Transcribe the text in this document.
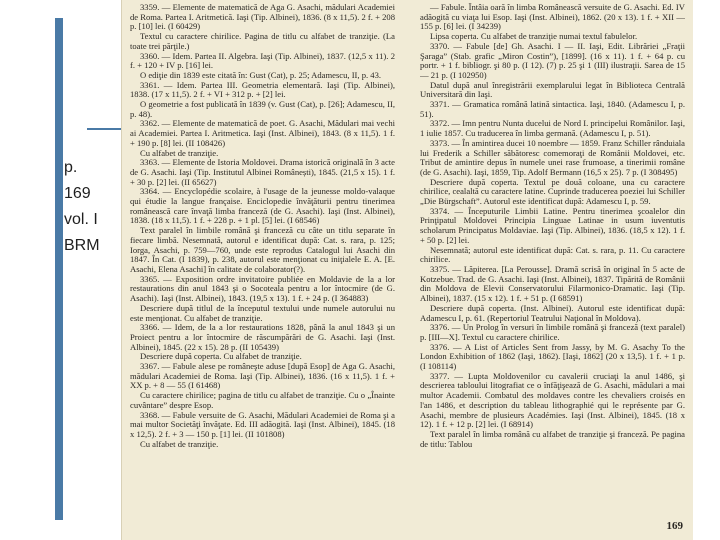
p.
169
vol. I
BRM

3359. — Elemente de matematică de Aga G. Asachi, mădulari Academiei de Roma. Partea I. Aritmetică. Iaşi (Tip. Albinei), 1836. (8 x 11,5). 2 f. + 208 p. [10] lei. (I 60429)

Textul cu caractere chirilice. Pagina de titlu cu alfabet de tranziţie. (La toate trei părţile.)

3360. — Idem. Partea II. Algebra. Iaşi (Tip. Albinei), 1837. (12,5 x 11). 2 f. + 120 + IV p. [16] lei.

O ediţie din 1839 este citată în: Gust (Cat), p. 25; Adamescu, II, p. 43.

3361. — Idem. Partea III. Geometria elementară. Iaşi (Tip. Albinei), 1838. (17 x 11,5). 2 f. + VI + 312 p. + [2] lei.

O geometrie a fost publicată în 1839 (v. Gust (Cat), p. [26]; Adamescu, II, p. 48).

3362. — Elemente de matematică de poet. G. Asachi, Mădulari mai vechi ai Academiei. Partea I. Aritmetica. Iaşi (Inst. Albinei), 1843. (8 x 11,5). 1 f. + 190 p. [8] lei. (II 108426)

Cu alfabet de tranziţie.

3363. — Elemente de Istoria Moldovei. Drama istorică originală în 3 acte de G. Asachi. Iaşi (Tip. Institutul Albinei Românești), 1845. (21,5 x 15). 1 f. + 30 p. [2] lei. (II 65627)

3364. — Encyclopédie scolaire, à l'usage de la jeunesse moldo-valaque qui étudie la langue française. Enciclopedie învăţăturii pentru tinerimea românească care învaţă limba franceză (de G. Asachi). Iaşi (Inst. Albinei), 1838. (18 x 11,5). 1 f. + 228 p. + 1 pl. [5] lei. (I 68546)

Text paralel în limbile română şi franceză cu câte un titlu separate în fiecare limbă. Nesemnată, autorul e identificat după: Cat. s. rara, p. 125; Iorga, Asachi, p. 759—760, unde este reprodus Catalogul lui Asachi din 1847. În Cat. (I 1839), p. 238, autorul este menţionat cu iniţialele E. A. [E. Asachi, Elena Asachi] în calitate de colaborator(?).

3365. — Exposition ordre invitatoire publiée en Moldavie de la a lor restaurations din anul 1843 şi o Socoteala pentru a lor întocmire (de G. Asachi). Iaşi (Inst. Albinei), 1843. (19,5 x 13). 1 f. + 24 p. (I 364883)

Descriere după titlul de la începutul textului unde numele autorului nu este menţionat. Cu alfabet de tranziţie.

3366. — Idem, de la a lor restaurations 1828, până la anul 1843 şi un Proiect pentru a lor întocmire de răscumpărări de G. Asachi. Iaşi (Inst. Albinei), 1845. (22 x 15). 28 p. (II 105439)

Descriere după coperta. Cu alfabet de tranziţie.

3367. — Fabule alese pe româneşte aduse [după Esop] de Aga G. Asachi, mădulari Academiei de Roma. Iaşi (Tip. Albinei), 1836. (16 x 11,5). 1 f. + XX p. + 8 — 55 (I 61468)

Cu caractere chirilice; pagina de titlu cu alfabet de tranziţie. Cu o „Înainte cuvântare” despre Esop.

3368. — Fabule versuite de G. Asachi, Mădulari Academiei de Roma şi a mai multor Societăţi învăţate. Ed. III adăogită. Iaşi (Inst. Albinei), 1845. (18 x 12,5). 2 f. + 3 — 150 p. [1] lei. (II 101808)

Cu alfabet de tranziţie.

— Fabule. Întâia oară în limba Românească versuite de G. Asachi. Ed. IV adăogită cu viaţa lui Esop. Iaşi (Inst. Albinei), 1862. (20 x 13). 1 f. + XII — 155 p. [6] lei. (I 34239)

Lipsa coperta. Cu alfabet de tranziţie numai textul fabulelor.

3370. — Fabule [de] Gh. Asachi. I — II. Iaşi, Edit. Librăriei „Fraţii Şaraga” (Stab. grafic „Miron Costin”), [1899]. (16 x 11). 1 f. + 64 p. cu portr. + 1 f. bibliogr. şi 80 p. (I 12). (7) p. 25 şi 1 (III) ilustraţii. Sarea de 15 — 21 p. (I 102950)

Datul după anul înregistrării exemplarului legat în Biblioteca Centrală Universitară din Iaşi.

3371. — Gramatica română latină sintactica. Iaşi, 1840. (Adamescu I, p. 51).

3372. — Imn pentru Nunta ducelui de Nord I. principelui Românilor. Iaşi, 1 iulie 1857. Cu traducerea în limba germană. (Adamescu I, p. 51).

3373. — În amintirea ducei 10 noembre — 1859. Franz Schiller rânduiala lui Frederik a Schiller săbătoresc comemoraţi de Românii Moldovei, etc. Tribut de amintire depus în numele unei rase frumoase, a tinerimii române (de G. Asachi). Iaşi, 1859, Tip. Adolf Bermann (16,5 x 25). 7 p. (I 308495)

Descriere după coperta. Textul pe două coloane, una cu caractere chirilice, cealaltă cu caractere latine. Cuprinde traducerea poeziei lui Schiller „Die Bürgschaft”. Autorul este identificat după: Adamescu I, p. 59.

3374. — Începuturile Limbii Latine. Pentru tinerimea şcoalelor din Prinţipatul Moldovei Principia Linguae Latinae in usum iuventutis scholarum Principatus Moldaviae. Iaşi (Tip. Albinei), 1836. (18,5 x 12). 1 f. + 50 p. [2] lei.

Nesemnată; autorul este identificat după: Cat. s. rara, p. 11. Cu caractere chirilice.

3375. — Lăpiterea. [La Perousse]. Dramă scrisă în original în 5 acte de Kotzebue. Trad. de G. Asachi. Iaşi (Inst. Albinei), 1837. Tipărită de Românii din Moldova de Elevii Conservatorului Filarmonico-Dramatic. Iaşi (Tip. Albinei), 1837. (15 x 12). 1 f. + 51 p. (I 68591)

Descriere după coperta. (Inst. Albinei). Autorul este identificat după: Adamescu I, p. 61. (Repertoriul Teatrului Naţional în Moldova).

3376. — Un Prolog în versuri în limbile română şi franceză (text paralel) p. [III—X]. Textul cu caractere chirilice.

3376. — A List of Articles Sent from Jassy, by M. G. Asachy To the London Exhibition of 1862 (Iaşi, 1862). [Iaşi, 1862] (20 x 13,5). 1 f. + 1 p. (I 108114)

3377. — Lupta Moldovenilor cu cavalerii cruciaţi la anul 1486, şi descrierea tabloului litografiat ce o înfăţişează de G. Asachi, mădulari a mai multor Academii. Combatul des moldaves contre les chevaliers croisés en l'an 1486, et description du tableau lithographié qui le représente par G. Asachi, membre de plusieurs Académies. Iaşi (Inst. Albinei), 1845. (18 x 12). 1 f. + 12 p. [2] lei. (I 68914)

Text paralel în limba română cu alfabet de tranziţie şi franceză. Pe pagina de titlu: Tablou

169
